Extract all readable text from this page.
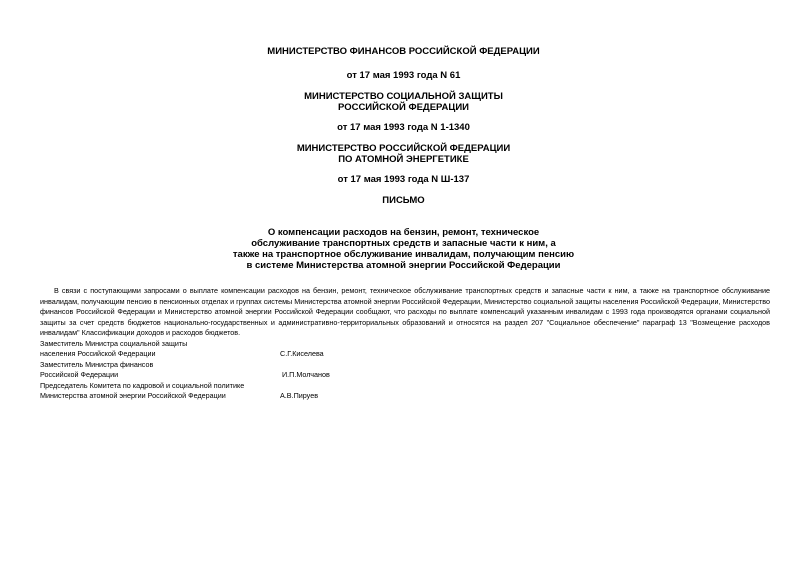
МИНИСТЕРСТВО ФИНАНСОВ РОССИЙСКОЙ ФЕДЕРАЦИИ
от 17 мая 1993 года N 61
МИНИСТЕРСТВО СОЦИАЛЬНОЙ ЗАЩИТЫ
РОССИЙСКОЙ ФЕДЕРАЦИИ
от 17 мая 1993 года N 1-1340
МИНИСТЕРСТВО РОССИЙСКОЙ ФЕДЕРАЦИИ
ПО АТОМНОЙ ЭНЕРГЕТИКЕ
от 17 мая 1993 года N Ш-137
ПИСЬМО
О компенсации расходов на бензин, ремонт, техническое
обслуживание транспортных средств и запасные части к ним, а
также на транспортное обслуживание инвалидам, получающим пенсию
в системе Министерства атомной энергии Российской Федерации
В связи с поступающими запросами о выплате компенсации расходов на бензин, ремонт, техническое обслуживание транспортных средств и запасные части к ним, а также на транспортное обслуживание инвалидам, получающим пенсию в пенсионных отделах и группах системы Министерства атомной энергии Российской Федерации, Министерство социальной защиты населения Российской Федерации, Министерство финансов Российской Федерации и Министерство атомной энергии Российской Федерации сообщают, что расходы по выплате компенсаций указанным инвалидам с 1993 года производятся органами социальной защиты за счет средств бюджетов национально-государственных и административно-территориальных образований и относятся на раздел 207 "Социальное обеспечение" параграф 13 "Возмещение расходов инвалидам" Классификации доходов и расходов бюджетов.
Заместитель Министра социальной защиты
населения Российской Федерации	С.Г.Киселева
Заместитель Министра финансов
Российской Федерации	И.П.Молчанов
Председатель Комитета по кадровой и социальной политике
Министерства атомной энергии Российской Федерации	А.В.Пируев
